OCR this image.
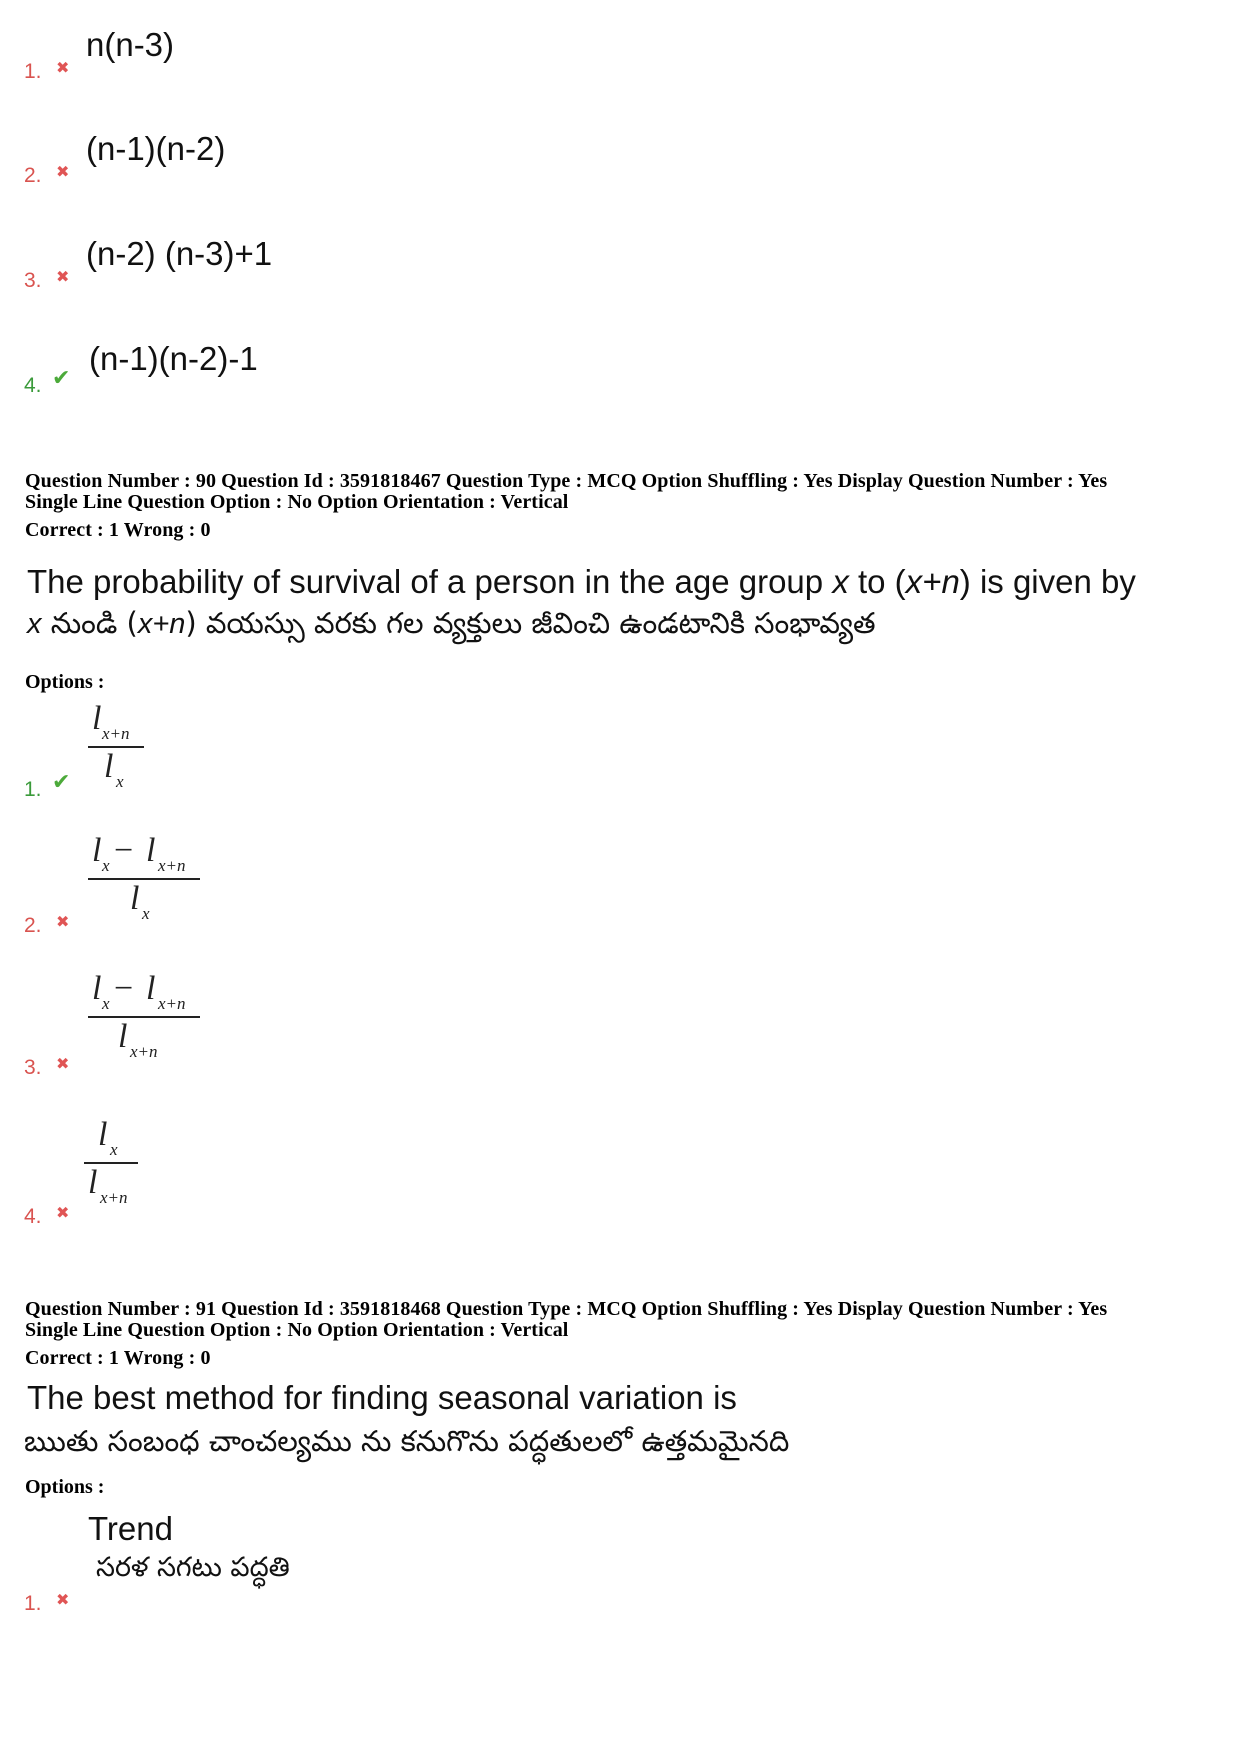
n(n-3)
1. ✖
(n-1)(n-2)
2. ✖
(n-2) (n-3)+1
3. ✖
(n-1)(n-2)-1
4. ✔
Question Number : 90 Question Id : 3591818467 Question Type : MCQ Option Shuffling : Yes Display Question Number : Yes
Single Line Question Option : No Option Orientation : Vertical
Correct : 1 Wrong : 0
The probability of survival of a person in the age group x to (x+n) is given by
x నుండి (x+n) వయస్సు వరకు గల వ్యక్తులు జీవించి ఉండటానికి సంభావ్యత
Options :
l x+n
l x
1. ✔
l x − l x+n
l x
2. ✖
l x − l x+n
l x+n
3. ✖
l x
l x+n
4. ✖
Question Number : 91 Question Id : 3591818468 Question Type : MCQ Option Shuffling : Yes Display Question Number : Yes
Single Line Question Option : No Option Orientation : Vertical
Correct : 1 Wrong : 0
The best method for finding seasonal variation is
ఋతు సంబంధ చాంచల్యము ను కనుగొను పద్ధతులలో ఉత్తమమైనది
Options :
Trend
సరళ సగటు పద్ధతి
1. ✖
